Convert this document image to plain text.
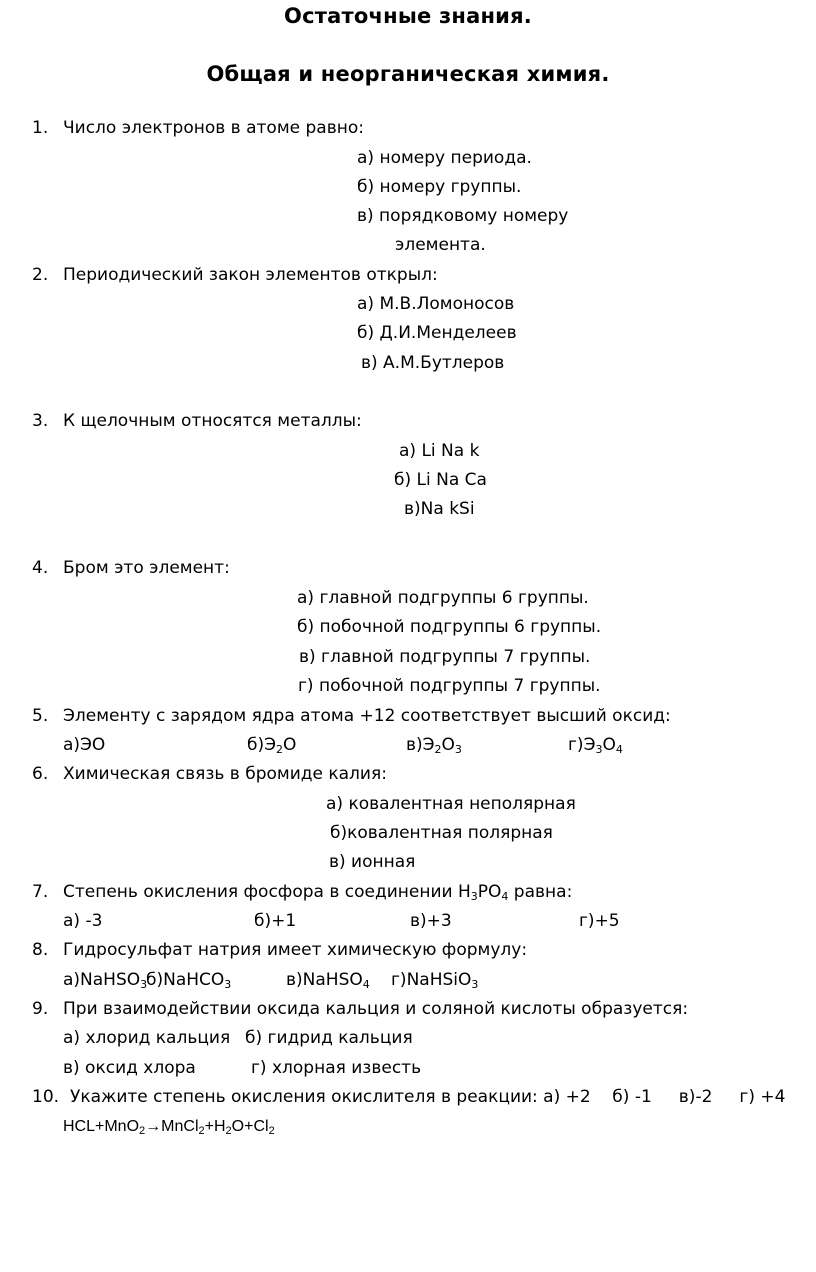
Остаточные знания.
Общая и неорганическая химия.
1. Число электронов в атоме равно:
а) номеру периода.
б) номеру группы.
в) порядковому номеру
элемента.
2. Периодический закон элементов открыл:
а) М.В.Ломоносов
б) Д.И.Менделеев
в) А.М.Бутлеров
3. К щелочным относятся металлы:
а) Li Na k
б) Li Na Ca
в)Na kSi
4. Бром это элемент:
а) главной подгруппы 6 группы.
б) побочной подгруппы 6 группы.
в) главной подгруппы 7 группы.
г) побочной подгруппы 7 группы.
5. Элементу с зарядом ядра атома +12 соответствует высший оксид:
а)ЭО	$б)Э_2О$	$в)Э_2О_3$	$г)Э_3О_4$
6. Химическая связь в бромиде калия:
а) ковалентная неполярная
б)ковалентная полярная
в) ионная
7. Степень окисления фосфора в соединении $Н_3РО_4$ равна:
а) -3	б)+1	в)+3	г)+5
8. Гидросульфат натрия имеет химическую формулу:
а)NaHSO$_3$
б)NaHCO$_3$	в)NaHSO$_4$ г)NaHSiO$_3$
9. При взаимодействии оксида кальция и соляной кислоты образуется:
а) хлорид кальция б) гидрид кальция
в) оксид хлора	г) хлорная известь
10. Укажите степень окисления окислителя в реакции: а) +2    б) -1     в)-2     г) +4
$HCL+MnO_2\to MnCl_2+H_2O+Cl_2$
